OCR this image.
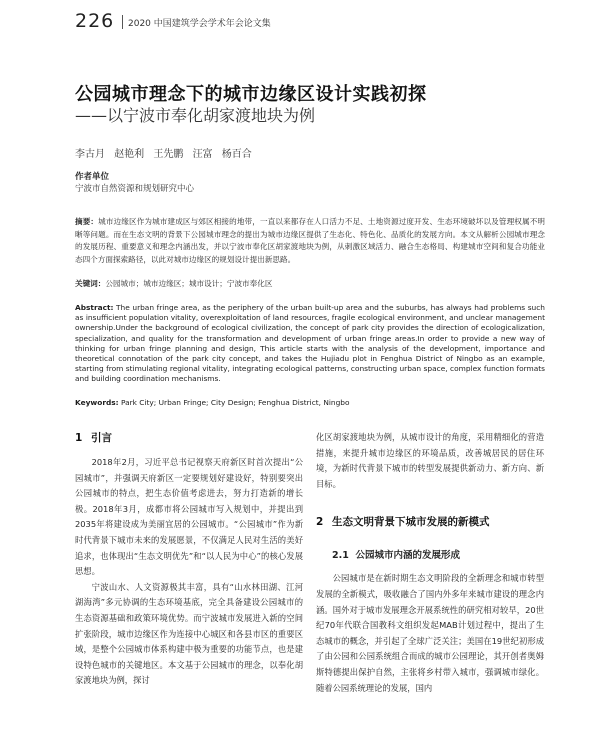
226 2020 中国建筑学会学术年会论文集
公园城市理念下的城市边缘区设计实践初探
——以宁波市奉化胡家渡地块为例
李古月 赵艳利 王先鹏 汪富 杨百合
作者单位
宁波市自然资源和规划研究中心
摘要：城市边缘区作为城市建成区与郊区相接的地带，一直以来都存在人口活力不足、土地资源过度开发、生态环境破坏以及管理权属不明晰等问题。而在生态文明的背景下公园城市理念的提出为城市边缘区提供了生态化、特色化、品质化的发展方向。本文从解析公园城市理念的发展历程、重要意义和理念内涵出发，并以宁波市奉化区胡家渡地块为例，从刺激区域活力、融合生态格局、构建城市空间和复合功能业态四个方面探索路径，以此对城市边缘区的规划设计提出新思路。
关键词：公园城市；城市边缘区；城市设计；宁波市奉化区
Abstract: The urban fringe area, as the periphery of the urban built-up area and the suburbs, has always had problems such as insufficient population vitality, overexploitation of land resources, fragile ecological environment, and unclear management ownership.Under the background of ecological civilization, the concept of park city provides the direction of ecologicalization, specialization, and quality for the transformation and development of urban fringe areas.In order to provide a new way of thinking for urban fringe planning and design, This article starts with the analysis of the development, importance and theoretical connotation of the park city concept, and takes the Hujiadu plot in Fenghua District of Ningbo as an example, starting from stimulating regional vitality, integrating ecological patterns, constructing urban space, complex function formats and building coordination mechanisms.
Keywords: Park City; Urban Fringe; City Design; Fenghua District, Ningbo
1 引言

2018年2月，习近平总书记视察天府新区时首次提出“公园城市”，并强调天府新区一定要规划好建设好，特别要突出公园城市的特点，把生态价值考虑进去，努力打造新的增长极。2018年3月，成都市将公园城市写入规划中，并提出到2035年将建设成为美丽宜居的公园城市。“公园城市”作为新时代背景下城市未来的发展愿景，不仅满足人民对生活的美好追求，也体现出“生态文明优先”和“以人民为中心”的核心发展思想。

宁波山水、人文资源极其丰富，具有“山水林田湖、江河湖海湾”多元协调的生态环境基底，完全具备建设公园城市的生态资源基础和政策环境优势。而宁波城市发展进入新的空间扩张阶段，城市边缘区作为连接中心城区和各县市区的重要区域，是整个公园城市体系构建中极为重要的功能节点，也是建设特色城市的关键地区。本文基于公园城市的理念，以奉化胡家渡地块为例，探讨

化区胡家渡地块为例，从城市设计的角度，采用精细化的营造措施，来提升城市边缘区的环境品质，改善城居民的居住环境，为新时代背景下城市的转型发展提供新动力、新方向、新目标。

2 生态文明背景下城市发展的新模式
2.1 公园城市内涵的发展形成

公园城市是在新时期生态文明阶段的全新理念和城市转型发展的全新模式，吸收融合了国内外多年来城市建设的理念内涵。国外对于城市发展理念开展系统性的研究相对较早，20世纪70年代联合国教科文组织发起MAB计划过程中，提出了生态城市的概念，并引起了全球广泛关注；美国在19世纪初形成了由公园和公园系统组合而成的城市公园理论，其开创者奥姆斯特德提出保护自然，主张将乡村带入城市，强调城市绿化。随着公园系统理论的发展，国内
